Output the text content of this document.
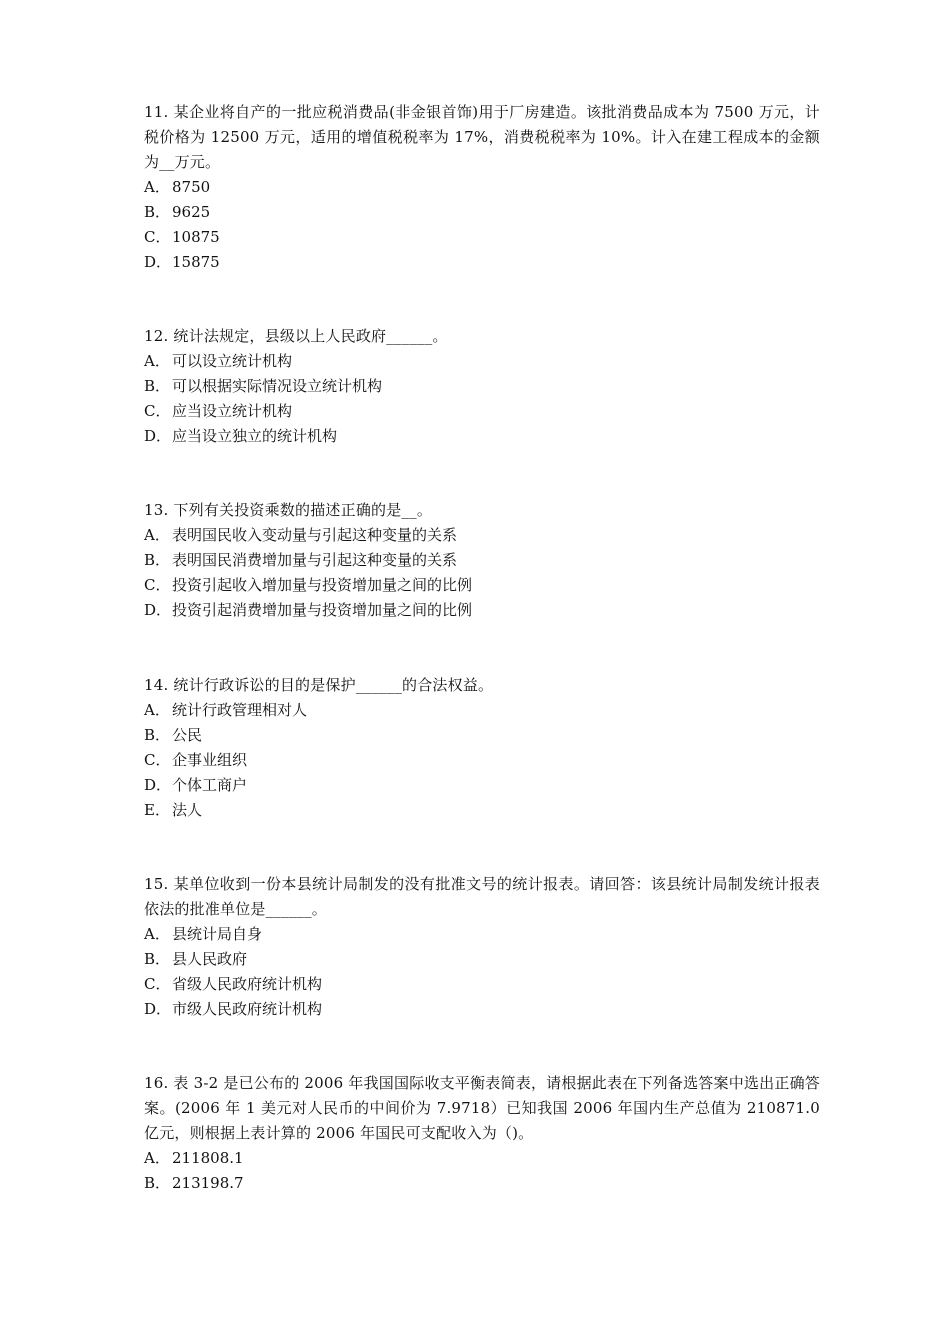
11. 某企业将自产的一批应税消费品(非金银首饰)用于厂房建造。该批消费品成本为 7500 万元，计税价格为 12500 万元，适用的增值税税率为 17%，消费税税率为 10%。计入在建工程成本的金额为__万元。

A． 8750
B． 9625
C． 10875
D．15875

12. 统计法规定，县级以上人民政府______。

A． 可以设立统计机构
B． 可以根据实际情况设立统计机构
C． 应当设立统计机构
D．应当设立独立的统计机构

13. 下列有关投资乘数的描述正确的是__。

A． 表明国民收入变动量与引起这种变量的关系
B． 表明国民消费增加量与引起这种变量的关系
C． 投资引起收入增加量与投资增加量之间的比例
D．投资引起消费增加量与投资增加量之间的比例

14. 统计行政诉讼的目的是保护______的合法权益。

A． 统计行政管理相对人
B． 公民
C． 企事业组织
D．个体工商户
E． 法人

15. 某单位收到一份本县统计局制发的没有批准文号的统计报表。请回答：该县统计局制发统计报表依法的批准单位是______。

A． 县统计局自身
B． 县人民政府
C． 省级人民政府统计机构
D．市级人民政府统计机构

16. 表 3-2 是已公布的 2006 年我国国际收支平衡表简表，请根据此表在下列备选答案中选出正确答案。(2006 年 1 美元对人民币的中间价为 7.9718）已知我国 2006 年国内生产总值为 210871.0 亿元，则根据上表计算的 2006 年国民可支配收入为（)。

A． 211808.1
B． 213198.7
